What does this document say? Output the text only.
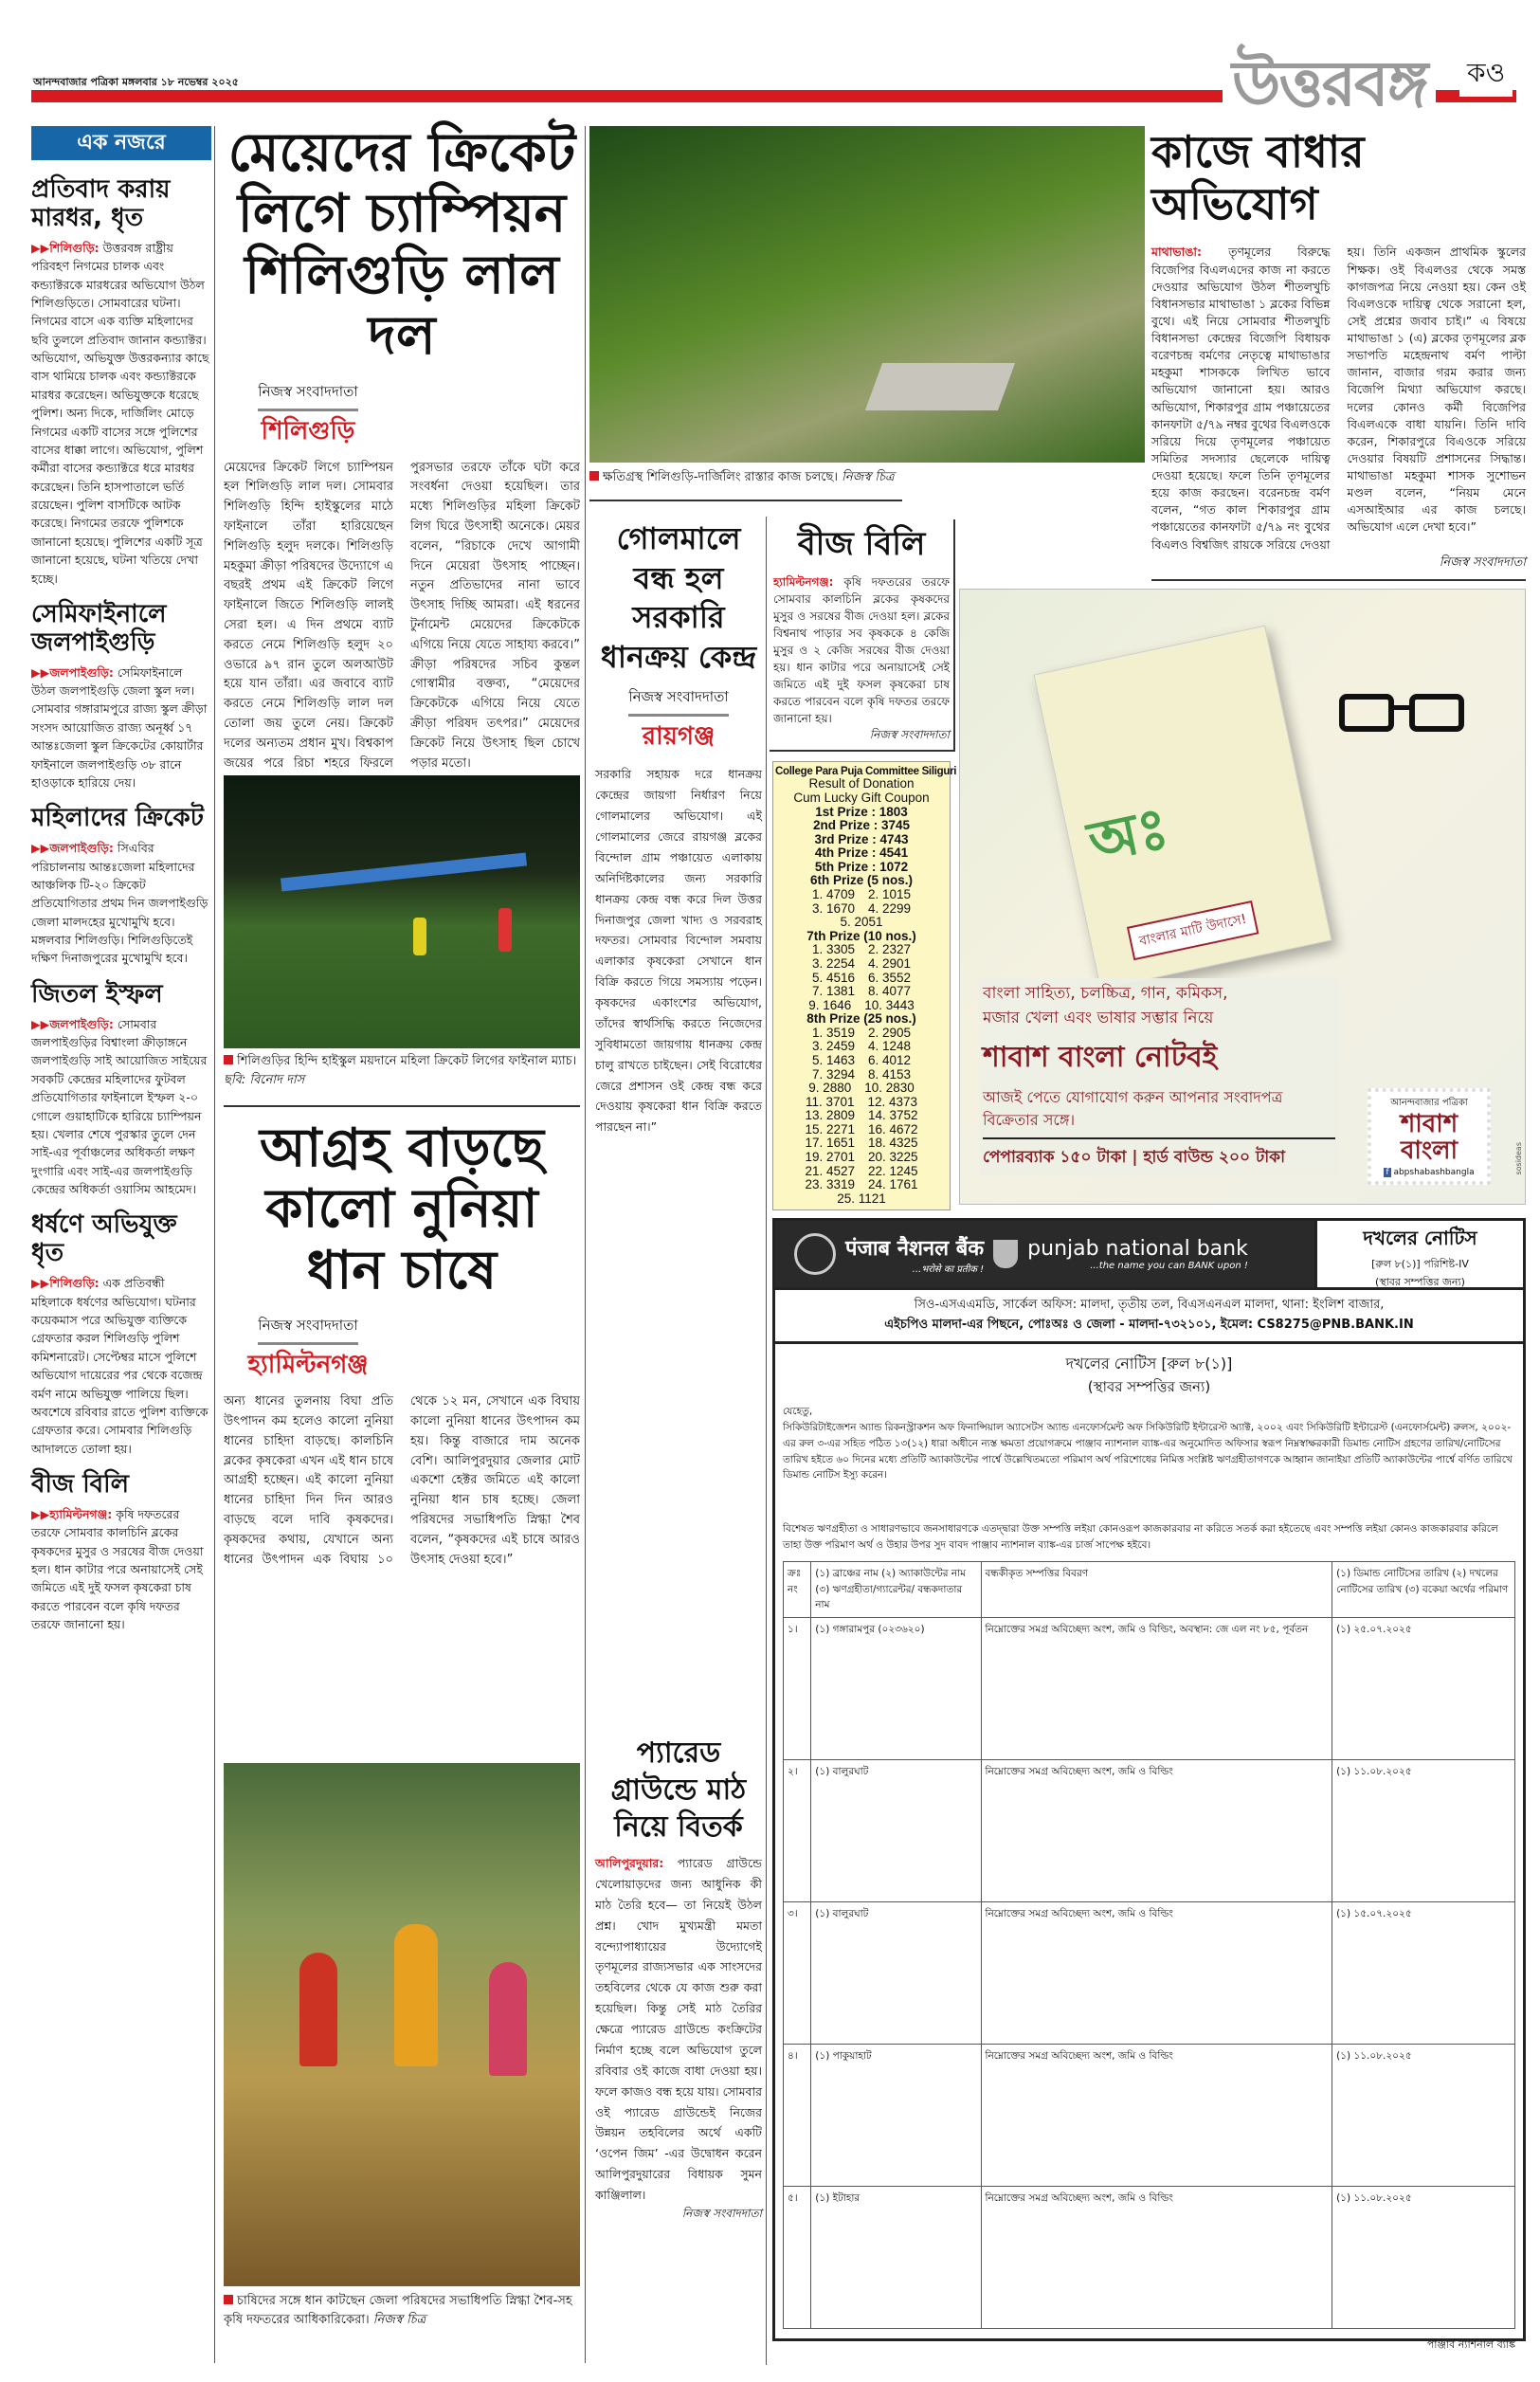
আনন্দবাজার পত্রিকা মঙ্গলবার ১৮ নভেম্বর ২০২৫	উত্তরবঙ্গ	কও
এক নজরে
প্রতিবাদ করায় মারধর, ধৃত
▶▶শিলিগুড়ি: উত্তরবঙ্গ রাষ্ট্রীয় পরিবহণ নিগমের চালক এবং কন্ড্যাক্টরকে মারধরের অভিযোগ উঠল শিলিগুড়িতে। সোমবারের ঘটনা। নিগমের বাসে এক ব্যক্তি মহিলাদের ছবি তুললে প্রতিবাদ জানান কন্ড্যাক্টর। অভিযোগ, অভিযুক্ত উত্তরকন্যার কাছে বাস থামিয়ে চালক এবং কন্ড্যাক্টরকে মারধর করেছেন। অভিযুক্তকে ধরেছে পুলিশ। অন্য দিকে, দার্জিলিং মোড়ে নিগমের একটি বাসের সঙ্গে পুলিশের বাসের ধাক্কা লাগে। অভিযোগ, পুলিশ কর্মীরা বাসের কন্ড্যাক্টরে ধরে মারধর করেছেন। তিনি হাসপাতালে ভর্তি রয়েছেন। পুলিশ বাসটিকে আটক করেছে। নিগমের তরফে পুলিশকে জানানো হয়েছে। পুলিশের একটি সূত্র জানানো হয়েছে, ঘটনা খতিয়ে দেখা হচ্ছে।
সেমিফাইনালে জলপাইগুড়ি
▶▶জলপাইগুড়ি: সেমিফাইনালে উঠল জলপাইগুড়ি জেলা স্কুল দল। সোমবার গঙ্গারামপুরে রাজ্য স্কুল ক্রীড়া সংসদ আয়োজিত রাজ্য অনূর্ধ্ব ১৭ আন্তঃজেলা স্কুল ক্রিকেটের কোয়ার্টার ফাইনালে জলপাইগুড়ি ৩৮ রানে হাওড়াকে হারিয়ে দেয়।
মহিলাদের ক্রিকেট
▶▶জলপাইগুড়ি: সিএবির পরিচালনায় আন্তঃজেলা মহিলাদের আঞ্চলিক টি-২০ ক্রিকেট প্রতিযোগিতার প্রথম দিন জলপাইগুড়ি জেলা মালদহের মুখোমুখি হবে। মঙ্গলবার শিলিগুড়ি। শিলিগুড়িতেই দক্ষিণ দিনাজপুরের মুখোমুখি হবে।
জিতল ইস্ফল
▶▶জলপাইগুড়ি: সোমবার জলপাইগুড়ির বিশ্বাংলা ক্রীড়াঙ্গনে জলপাইগুড়ি সাই আয়োজিত সাইয়ের সবকটি কেন্দ্রের মহিলাদের ফুটবল প্রতিযোগিতার ফাইনালে ইস্ফল ২-০ গোলে গুয়াহাটিকে হারিয়ে চ্যাম্পিয়ন হয়। খেলার শেষে পুরস্কার তুলে দেন সাই-এর পূর্বাঞ্চলের অধিকর্তা লক্ষণ দুংগারি এবং সাই-এর জলপাইগুড়ি কেন্দ্রের অধিকর্তা ওয়াসিম আহমেদ।
ধর্ষণে অভিযুক্ত ধৃত
▶▶শিলিগুড়ি: এক প্রতিবন্ধী মহিলাকে ধর্ষণের অভিযোগ। ঘটনার কয়েকমাস পরে অভিযুক্ত ব্যক্তিকে গ্রেফতার করল শিলিগুড়ি পুলিশ কমিশনারেট। সেপ্টেম্বর মাসে পুলিশে অভিযোগ দায়েরের পর থেকে বজেন্দ্র বর্মণ নামে অভিযুক্ত পালিয়ে ছিল। অবশেষে রবিবার রাতে পুলিশ ব্যক্তিকে গ্রেফতার করে। সোমবার শিলিগুড়ি আদালতে তোলা হয়।
বীজ বিলি
▶▶হ্যামিল্টনগঞ্জ: কৃষি দফতরের তরফে সোমবার কালচিনি ব্লকের কৃষকদের মুসুর ও সরষের বীজ দেওয়া হল। ধান কাটার পরে অনায়াসেই সেই জমিতে এই দুই ফসল কৃষকেরা চাষ করতে পারবেন বলে কৃষি দফতর তরফে জানানো হয়।
মেয়েদের ক্রিকেট লিগে চ্যাম্পিয়ন শিলিগুড়ি লাল দল
নিজস্ব সংবাদদাতা
শিলিগুড়ি
মেয়েদের ক্রিকেট লিগে চ্যাম্পিয়ন হল শিলিগুড়ি লাল দল। সোমবার শিলিগুড়ি হিন্দি হাইস্কুলের মাঠে ফাইনালে তাঁরা হারিয়েছেন শিলিগুড়ি হলুদ দলকে। শিলিগুড়ি মহকুমা ক্রীড়া পরিষদের উদ্যোগে এ বছরই প্রথম এই ক্রিকেট লিগে ফাইনালে জিতে শিলিগুড়ি লালই সেরা হল। এ দিন প্রথমে ব্যাট করতে নেমে শিলিগুড়ি হলুদ ২০ ওভারে ৯৭ রান তুলে অলআউট হয়ে যান তাঁরা। এর জবাবে ব্যাট করতে নেমে শিলিগুড়ি লাল দল তোলা জয় তুলে নেয়। ক্রিকেট দলের অন্যতম প্রধান মুখ। বিশ্বকাপ জয়ের পরে রিচা শহরে ফিরলে পুরসভার তরফে তাঁকে ঘটা করে সংবর্ধনা দেওয়া হয়েছিল। তার মধ্যে শিলিগুড়ির মহিলা ক্রিকেট লিগ ঘিরে উৎসাহী অনেকে। মেয়র বলেন, “রিচাকে দেখে আগামী দিনে মেয়েরা উৎসাহ পাচ্ছেন। নতুন প্রতিভাদের নানা ভাবে উৎসাহ দিচ্ছি আমরা। এই ধরনের টুর্নামেন্ট মেয়েদের ক্রিকেটকে এগিয়ে নিয়ে যেতে সাহায্য করবে।” ক্রীড়া পরিষদের সচিব কুন্তল গোস্বামীর বক্তব্য, “মেয়েদের ক্রিকেটকে এগিয়ে নিয়ে যেতে ক্রীড়া পরিষদ তৎপর।” মেয়েদের ক্রিকেট নিয়ে উৎসাহ ছিল চোখে পড়ার মতো।
শিলিগুড়ির হিন্দি হাইস্কুল ময়দানে মহিলা ক্রিকেট লিগের ফাইনাল ম্যাচ। ছবি: বিনোদ দাস
আগ্রহ বাড়ছে কালো নুনিয়া ধান চাষে
নিজস্ব সংবাদদাতা
হ্যামিল্টনগঞ্জ
অন্য ধানের তুলনায় বিঘা প্রতি উৎপাদন কম হলেও কালো নুনিয়া ধানের চাহিদা বাড়ছে। কালচিনি ব্লকের কৃষকেরা এখন এই ধান চাষে আগ্রহী হচ্ছেন। এই কালো নুনিয়া ধানের চাহিদা দিন দিন আরও বাড়ছে বলে দাবি কৃষকদের। কৃষকদের কথায়, যেখানে অন্য ধানের উৎপাদন এক বিঘায় ১০ থেকে ১২ মন, সেখানে এক বিঘায় কালো নুনিয়া ধানের উৎপাদন কম হয়। কিন্তু বাজারে দাম অনেক বেশি। আলিপুরদুয়ার জেলার মোট একশো হেক্টর জমিতে এই কালো নুনিয়া ধান চাষ হচ্ছে। জেলা পরিষদের সভাধিপতি স্নিগ্ধা শৈব বলেন, “কৃষকদের এই চাষে আরও উৎসাহ দেওয়া হবে।”
চাষিদের সঙ্গে ধান কাটছেন জেলা পরিষদের সভাধিপতি স্নিগ্ধা শৈব-সহ কৃষি দফতরের আধিকারিকেরা। নিজস্ব চিত্র
ক্ষতিগ্রস্থ শিলিগুড়ি-দার্জিলিং রাস্তার কাজ চলছে। নিজস্ব চিত্র
কাজে বাধার অভিযোগ
মাথাভাঙা: তৃণমূলের বিরুদ্ধে বিজেপির বিএলএদের কাজ না করতে দেওয়ার অভিযোগ উঠল শীতলখুচি বিধানসভার মাথাভাঙা ১ ব্লকের বিভিন্ন বুথে। এই নিয়ে সোমবার শীতলখুচি বিধানসভা কেন্দ্রের বিজেপি বিধায়ক বরেণচন্দ্র বর্মণের নেতৃত্বে মাথাভাঙার মহকুমা শাসককে লিখিত ভাবে অভিযোগ জানানো হয়। আরও অভিযোগ, শিকারপুর গ্রাম পঞ্চায়েতের কানফাটা ৫/৭৯ নম্বর বুথের বিএলওকে সরিয়ে দিয়ে তৃণমূলের পঞ্চায়েত সমিতির সদস্যার ছেলেকে দায়িত্ব দেওয়া হয়েছে। ফলে তিনি তৃণমূলের হয়ে কাজ করছেন। বরেনচন্দ্র বর্মণ বলেন, “গত কাল শিকারপুর গ্রাম পঞ্চায়েতের কানফাটা ৫/৭৯ নং বুথের বিএলও বিশ্বজিৎ রায়কে সরিয়ে দেওয়া হয়। তিনি একজন প্রাথমিক স্কুলের শিক্ষক। ওই বিএলওর থেকে সমস্ত কাগজপত্র নিয়ে নেওয়া হয়। কেন ওই বিএলওকে দায়িত্ব থেকে সরানো হল, সেই প্রশ্নের জবাব চাই।” এ বিষয়ে মাথাভাঙা ১ (এ) ব্লকের তৃণমূলের ব্লক সভাপতি মহেন্দ্রনাথ বর্মণ পাল্টা জানান, বাজার গরম করার জন্য বিজেপি মিথ্যা অভিযোগ করছে। দলের কোনও কর্মী বিজেপির বিএলএকে বাধা যায়নি। তিনি দাবি করেন, শিকারপুরে বিএওকে সরিয়ে দেওয়ার বিষয়টি প্রশাসনের সিদ্ধান্ত। মাথাভাঙা মহকুমা শাসক সুশোভন মণ্ডল বলেন, “নিয়ম মেনে এসআইআর এর কাজ চলছে। অভিযোগ এলে দেখা হবে।”
নিজস্ব সংবাদদাতা
গোলমালে বন্ধ হল সরকারি ধানক্রয় কেন্দ্র
নিজস্ব সংবাদদাতা
রায়গঞ্জ
সরকারি সহায়ক দরে ধানক্রয় কেন্দ্রের জায়গা নির্ধারণ নিয়ে গোলমালের অভিযোগ। এই গোলমালের জেরে রায়গঞ্জ ব্লকের বিন্দোল গ্রাম পঞ্চায়েত এলাকায় অনির্দিষ্টকালের জন্য সরকারি ধানক্রয় কেন্দ্র বন্ধ করে দিল উত্তর দিনাজপুর জেলা খাদ্য ও সরবরাহ দফতর। সোমবার বিন্দোল সমবায় এলাকার কৃষকেরা সেখানে ধান বিক্রি করতে গিয়ে সমস্যায় পড়েন। কৃষকদের একাংশের অভিযোগ, তাঁদের স্বার্থসিদ্ধি করতে নিজেদের সুবিধামতো জায়গায় ধানক্রয় কেন্দ্র চালু রাখতে চাইছেন। সেই বিরোধের জেরে প্রশাসন ওই কেন্দ্র বন্ধ করে দেওয়ায় কৃষকেরা ধান বিক্রি করতে পারছেন না।”
প্যারেড গ্রাউন্ডে মাঠ নিয়ে বিতর্ক
আলিপুরদুয়ার: প্যারেড গ্রাউন্ডে খেলোয়াড়দের জন্য আধুনিক কী মাঠ তৈরি হবে— তা নিয়েই উঠল প্রশ্ন। খোদ মুখ্যমন্ত্রী মমতা বন্দ্যোপাধ্যায়ের উদ্যোগেই তৃণমূলের রাজ্যসভার এক সাংসদের তহবিলের থেকে যে কাজ শুরু করা হয়েছিল। কিন্তু সেই মাঠ তৈরির ক্ষেত্রে প্যারেড গ্রাউন্ডে কংক্রিটের নির্মাণ হচ্ছে বলে অভিযোগ তুলে রবিবার ওই কাজে বাধা দেওয়া হয়। ফলে কাজও বন্ধ হয়ে যায়। সোমবার ওই প্যারেড গ্রাউন্ডেই নিজের উন্নয়ন তহবিলের অর্থে একটি ‘ওপেন জিম’ -এর উদ্বোধন করেন আলিপুরদুয়ারের বিধায়ক সুমন কাঞ্জিলাল।
নিজস্ব সংবাদদাতা
বীজ বিলি
হ্যামিল্টনগঞ্জ: কৃষি দফতরের তরফে সোমবার কালচিনি ব্লকের কৃষকদের মুসুর ও সরষের বীজ দেওয়া হল। ব্লকের বিশ্বনাথ পাড়ার সব কৃষককে ৪ কেজি মুসুর ও ২ কেজি সরষের বীজ দেওয়া হয়। ধান কাটার পরে অনায়াসেই সেই জমিতে এই দুই ফসল কৃষকেরা চাষ করতে পারবেন বলে কৃষি দফতর তরফে জানানো হয়।
নিজস্ব সংবাদদাতা
College Para Puja Committee Siliguri
Result of Donation
Cum Lucky Gift Coupon
1st Prize : 1803
2nd Prize : 3745
3rd Prize : 4743
4th Prize : 4541
5th Prize : 1072
6th Prize (5 nos.)
1. 4709 2. 1015
3. 1670 4. 2299
5. 2051
7th Prize (10 nos.)
1. 3305 2. 2327
3. 2254 4. 2901
5. 4516 6. 3552
7. 1381 8. 4077
9. 1646 10. 3443
8th Prize (25 nos.)
1. 3519 2. 2905
3. 2459 4. 1248
5. 1463 6. 4012
7. 3294 8. 4153
9. 2880 10. 2830
11. 3701 12. 4373
13. 2809 14. 3752
15. 2271 16. 4672
17. 1651 18. 4325
19. 2701 20. 3225
21. 4527 22. 1245
23. 3319 24. 1761
25. 1121
অঃ
বাংলার মাটি উদাসে!
বাংলা সাহিত্য, চলচ্চিত্র, গান, কমিকস,
মজার খেলা এবং ভাষার সম্ভার নিয়ে
শাবাশ বাংলা নোটবই
আজই পেতে যোগাযোগ করুন আপনার সংবাদপত্র বিক্রেতার সঙ্গে।
পেপারব্যাক ১৫০ টাকা | হার্ড বাউন্ড ২০০ টাকা
আনন্দবাজার পত্রিকা
শাবাশ বাংলা
f abpshabashbangla	sosideas
पंजाब नैशनल बैंक
...भरोसे का प्रतीक !
punjab national bank
...the name you can BANK upon !
দখলের নোটিস
[রুল ৮(১)] পরিশিষ্ট-IV
(স্থাবর সম্পত্তির জন্য)
সিও-এসএএমডি, সার্কেল অফিস: মালদা, তৃতীয় তল, বিএসএনএল মালদা, থানা: ইংলিশ বাজার,
এইচপিও মালদা-এর পিছনে, পোঃঅঃ ও জেলা - মালদা-৭৩২১০১, ইমেল: CS8275@PNB.BANK.IN
দখলের নোটিস [রুল ৮(১)]
(স্থাবর সম্পত্তির জন্য)
যেহেতু,
সিকিউরিটাইজেশন অ্যান্ড রিকনস্ট্রাকশন অফ ফিনান্সিয়াল অ্যাসেটস অ্যান্ড এনফোর্সমেন্ট অফ সিকিউরিটি ইন্টারেস্ট অ্যাক্ট, ২০০২ এবং সিকিউরিটি ইন্টারেস্ট (এনফোর্সমেন্ট) রুলস, ২০০২-এর রুল ৩-এর সহিত পঠিত ১৩(১২) ধারা অধীনে ন্যস্ত ক্ষমতা প্রয়োগক্রমে পাঞ্জাব ন্যাশনাল ব্যাঙ্ক-এর অনুমোদিত অফিসার স্বরূপ নিম্নস্বাক্ষরকারী ডিমান্ড নোটিস গ্রহণের তারিখ/নোটিসের তারিখ হইতে ৬০ দিনের মধ্যে প্রতিটি অ্যাকাউন্টের পার্শ্বে উল্লেখিতমতো পরিমাণ অর্থ পরিশোধের নিমিত্ত সংশ্লিষ্ট ঋণগ্রহীতাগণকে আহ্বান জানাইয়া প্রতিটি অ্যাকাউন্টের পার্শ্বে বর্ণিত তারিখে ডিমান্ড নোটিস ইস্যু করেন।
বিশেষত ঋণগ্রহীতা ও সাধারণভাবে জনসাধারণকে এতদ্দ্বারা উক্ত সম্পত্তি লইয়া কোনওরূপ কাজকারবার না করিতে সতর্ক করা হইতেছে এবং সম্পত্তি লইয়া কোনও কাজকারবার করিলে তাহা উক্ত পরিমাণ অর্থ ও উহার উপর সুদ বাবদ পাঞ্জাব ন্যাশনাল ব্যাঙ্ক-এর চার্জ সাপেক্ষ হইবে।
ক্রঃ নং	(১) ব্রাঞ্চের নাম (২) অ্যাকাউন্টের নাম (৩) ঋণগ্রহীতা/গ্যারেন্টর/ বন্ধকদাতার নাম	বন্ধকীকৃত সম্পত্তির বিবরণ	(১) ডিমান্ড নোটিসের তারিখ (২) দখলের নোটিসের তারিখ (৩) বকেয়া অর্থের পরিমাণ
১।	(১) গঙ্গারামপুর (০২৩৬২০)	নিম্নোক্তের সমগ্র অবিচ্ছেদ্য অংশ, জমি ও বিল্ডিং, অবস্থান: জে এল নং ৮৫, পূর্বতন	(১) ২৫.০৭.২০২৫
২।	(১) বালুরঘাট	নিম্নোক্তের সমগ্র অবিচ্ছেদ্য অংশ, জমি ও বিল্ডিং	(১) ১১.০৮.২০২৫
৩।	(১) বালুরঘাট	নিম্নোক্তের সমগ্র অবিচ্ছেদ্য অংশ, জমি ও বিল্ডিং	(১) ১৫.০৭.২০২৫
৪।	(১) পাকুয়াহাট	নিম্নোক্তের সমগ্র অবিচ্ছেদ্য অংশ, জমি ও বিল্ডিং	(১) ১১.০৮.২০২৫
৫।	(১) ইটাহার	নিম্নোক্তের সমগ্র অবিচ্ছেদ্য অংশ, জমি ও বিল্ডিং	(১) ১১.০৮.২০২৫
পাঞ্জাব ন্যাশনাল ব্যাঙ্ক
